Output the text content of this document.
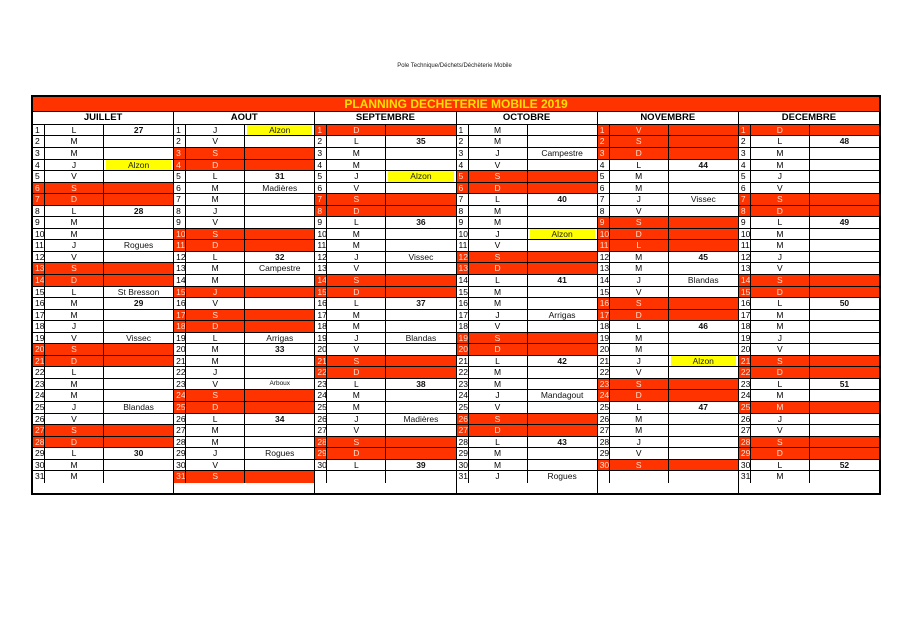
Pole Technique/Déchets/Déchèterie Mobile
PLANNING DECHETERIE MOBILE 2019
JUILLET
1	L	27
2	M
3	M
4	J	Alzon
5	V
6	S
7	D
8	L	28
9	M
10	M
11	J	Rogues
12	V
13	S
14	D
15	L	St Bresson
16	M	29
17	M
18	J
19	V	Vissec
20	S
21	D
22	L
23	M
24	M
25	J	Blandas
26	V
27	S
28	D
29	L	30
30	M
31	M
AOUT
1	J	Alzon
2	V
3	S
4	D
5	L	31
6	M	Madières
7	M
8	J
9	V
10	S
11	D
12	L	32
13	M	Campestre
14	M
15	J
16	V
17	S
18	D
19	L	Arrigas
20	M	33
21	M
22	J
23	V	Arboux
24	S
25	D
26	L	34
27	M
28	M
29	J	Rogues
30	V
31	S
SEPTEMBRE
1	D
2	L	35
3	M
4	M
5	J	Alzon
6	V
7	S
8	D
9	L	36
10	M
11	M
12	J	Vissec
13	V
14	S
15	D
16	L	37
17	M
18	M
19	J	Blandas
20	V
21	S
22	D
23	L	38
24	M
25	M
26	J	Madières
27	V
28	S
29	D
30	L	39
OCTOBRE
1	M
2	M
3	J	Campestre
4	V
5	S
6	D
7	L	40
8	M
9	M
10	J	Alzon
11	V
12	S
13	D
14	L	41
15	M
16	M
17	J	Arrigas
18	V
19	S
20	D
21	L	42
22	M
23	M
24	J	Mandagout
25	V
26	S
27	D
28	L	43
29	M
30	M
31	J	Rogues
NOVEMBRE
1	V
2	S
3	D
4	L	44
5	M
6	M
7	J	Vissec
8	V
9	S
10	D
11	L
12	M	45
13	M
14	J	Blandas
15	V
16	S
17	D
18	L	46
19	M
20	M
21	J	Alzon
22	V
23	S
24	D
25	L	47
26	M
27	M
28	J
29	V
30	S
DECEMBRE
1	D
2	L	48
3	M
4	M
5	J
6	V
7	S
8	D
9	L	49
10	M
11	M
12	J
13	V
14	S
15	D
16	L	50
17	M
18	M
19	J
20	V
21	S
22	D
23	L	51
24	M
25	M
26	J
27	V
28	S
29	D
30	L	52
31	M
